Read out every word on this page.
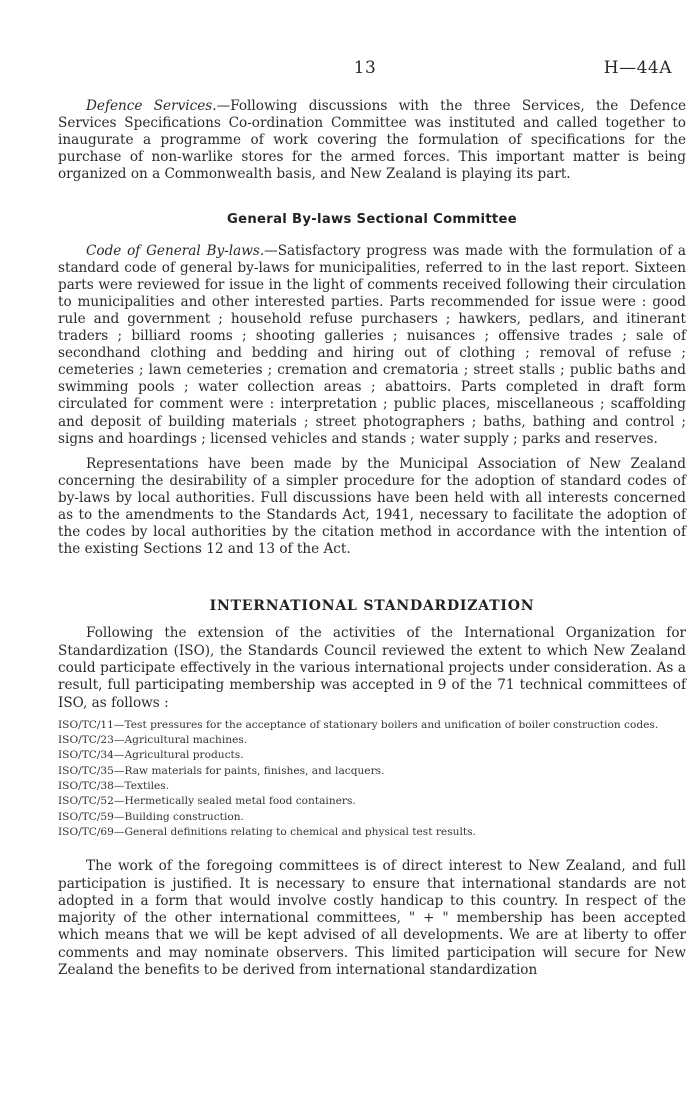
13	H—44A

Defence Services.—Following discussions with the three Services, the Defence Services Specifications Co-ordination Committee was instituted and called together to inaugurate a programme of work covering the formulation of specifications for the purchase of non-warlike stores for the armed forces. This important matter is being organized on a Commonwealth basis, and New Zealand is playing its part.

General By-laws Sectional Committee

Code of General By-laws.—Satisfactory progress was made with the formulation of a standard code of general by-laws for municipalities, referred to in the last report. Sixteen parts were reviewed for issue in the light of comments received following their circulation to municipalities and other interested parties. Parts recommended for issue were : good rule and government ; household refuse purchasers ; hawkers, pedlars, and itinerant traders ; billiard rooms ; shooting galleries ; nuisances ; offensive trades ; sale of secondhand clothing and bedding and hiring out of clothing ; removal of refuse ; cemeteries ; lawn cemeteries ; cremation and crematoria ; street stalls ; public baths and swimming pools ; water collection areas ; abattoirs. Parts completed in draft form circulated for comment were : interpretation ; public places, miscellaneous ; scaffolding and deposit of building materials ; street photographers ; baths, bathing and control ; signs and hoardings ; licensed vehicles and stands ; water supply ; parks and reserves.

Representations have been made by the Municipal Association of New Zealand concerning the desirability of a simpler procedure for the adoption of standard codes of by-laws by local authorities. Full discussions have been held with all interests concerned as to the amendments to the Standards Act, 1941, necessary to facilitate the adoption of the codes by local authorities by the citation method in accordance with the intention of the existing Sections 12 and 13 of the Act.

INTERNATIONAL STANDARDIZATION

Following the extension of the activities of the International Organization for Standardization (ISO), the Standards Council reviewed the extent to which New Zealand could participate effectively in the various international projects under consideration. As a result, full participating membership was accepted in 9 of the 71 technical committees of ISO, as follows :

ISO/TC/11—Test pressures for the acceptance of stationary boilers and unification of boiler construction codes.
ISO/TC/23—Agricultural machines.
ISO/TC/34—Agricultural products.
ISO/TC/35—Raw materials for paints, finishes, and lacquers.
ISO/TC/38—Textiles.
ISO/TC/52—Hermetically sealed metal food containers.
ISO/TC/59—Building construction.
ISO/TC/69—General definitions relating to chemical and physical test results.

The work of the foregoing committees is of direct interest to New Zealand, and full participation is justified. It is necessary to ensure that international standards are not adopted in a form that would involve costly handicap to this country. In respect of the majority of the other international committees, " + " membership has been accepted which means that we will be kept advised of all developments. We are at liberty to offer comments and may nominate observers. This limited participation will secure for New Zealand the benefits to be derived from international standardization
